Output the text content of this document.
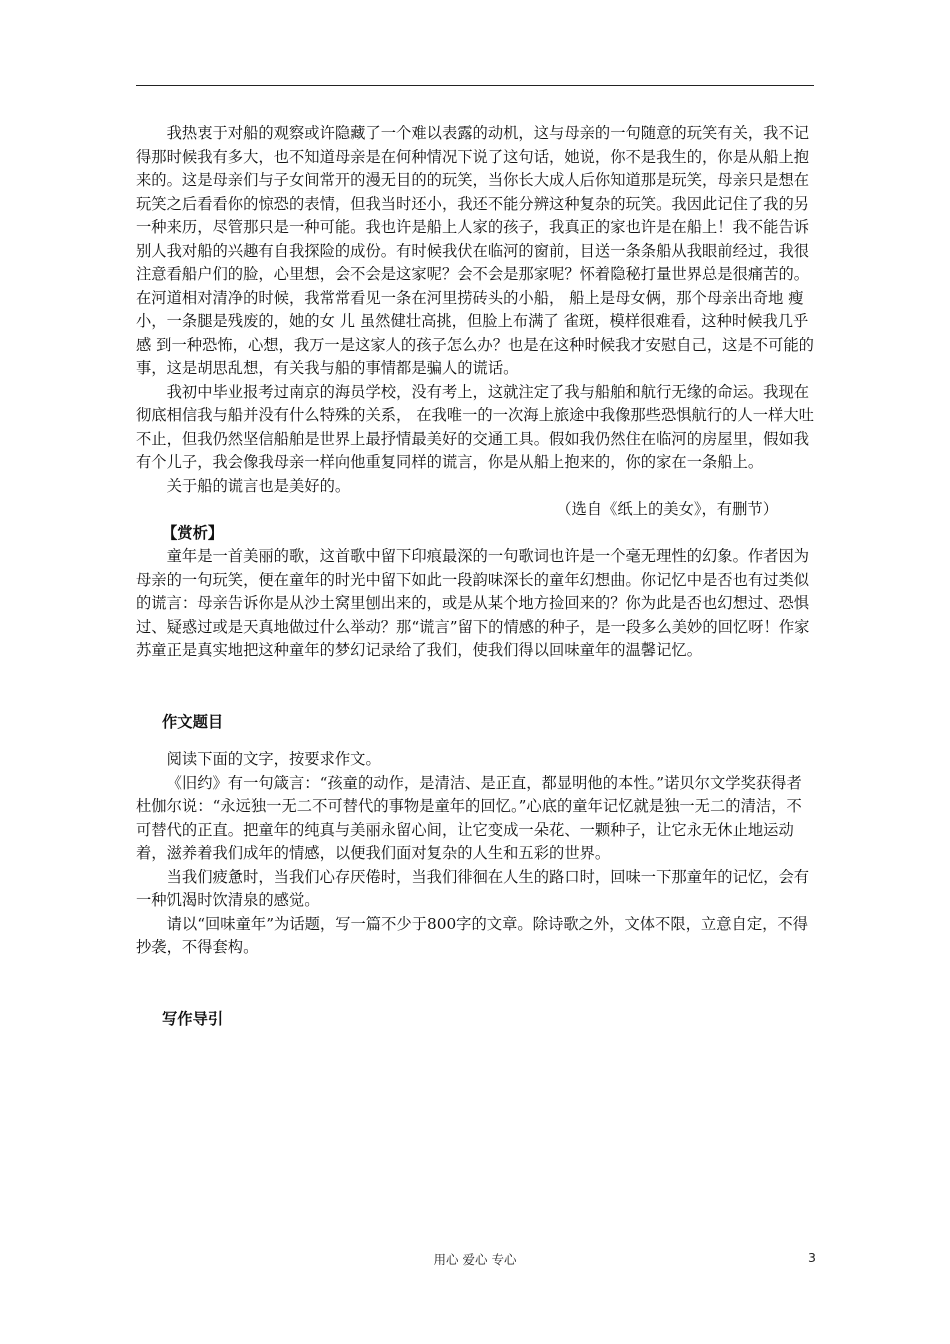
我热衷于对船的观察或许隐藏了一个难以表露的动机，这与母亲的一句随意的玩笑有关，我不记得那时候我有多大，也不知道母亲是在何种情况下说了这句话，她说，你不是我生的，你是从船上抱来的。这是母亲们与子女间常开的漫无目的的玩笑，当你长大成人后你知道那是玩笑，母亲只是想在玩笑之后看看你的惊恐的表情，但我当时还小，我还不能分辨这种复杂的玩笑。我因此记住了我的另一种来历，尽管那只是一种可能。我也许是船上人家的孩子，我真正的家也许是在船上！我不能告诉别人我对船的兴趣有自我探险的成份。有时候我伏在临河的窗前，目送一条条船从我眼前经过，我很注意看船户们的脸，心里想，会不会是这家呢？会不会是那家呢？怀着隐秘打量世界总是很痛苦的。在河道相对清净的时候，我常常看见一条在河里捞砖头的小船， 船上是母女俩，那个母亲出奇地 瘦小，一条腿是残废的，她的女 儿 虽然健壮高挑，但脸上布满了 雀斑，模样很难看，这种时候我几乎感 到一种恐怖，心想，我万一是这家人的孩子怎么办？也是在这种时候我才安慰自己，这是不可能的事，这是胡思乱想，有关我与船的事情都是骗人的谎话。

我初中毕业报考过南京的海员学校，没有考上，这就注定了我与船舶和航行无缘的命运。我现在彻底相信我与船并没有什么特殊的关系， 在我唯一的一次海上旅途中我像那些恐惧航行的人一样大吐不止，但我仍然坚信船舶是世界上最抒情最美好的交通工具。假如我仍然住在临河的房屋里，假如我有个儿子，我会像我母亲一样向他重复同样的谎言，你是从船上抱来的，你的家在一条船上。

关于船的谎言也是美好的。

（选自《纸上的美女》，有删节）

【赏析】

童年是一首美丽的歌，这首歌中留下印痕最深的一句歌词也许是一个毫无理性的幻象。作者因为母亲的一句玩笑，便在童年的时光中留下如此一段韵味深长的童年幻想曲。你记忆中是否也有过类似的谎言：母亲告诉你是从沙土窝里刨出来的，或是从某个地方捡回来的？你为此是否也幻想过、恐惧过、疑惑过或是天真地做过什么举动？那“谎言”留下的情感的种子，是一段多么美妙的回忆呀！作家苏童正是真实地把这种童年的梦幻记录给了我们，使我们得以回味童年的温馨记忆。

作文题目

阅读下面的文字，按要求作文。

《旧约》有一句箴言：“孩童的动作，是清洁、是正直，都显明他的本性。”诺贝尔文学奖获得者杜伽尔说：“永远独一无二不可替代的事物是童年的回忆。”心底的童年记忆就是独一无二的清洁，不可替代的正直。把童年的纯真与美丽永留心间，让它变成一朵花、一颗种子，让它永无休止地运动着，滋养着我们成年的情感，以便我们面对复杂的人生和五彩的世界。

当我们疲惫时，当我们心存厌倦时，当我们徘徊在人生的路口时，回味一下那童年的记忆，会有一种饥渴时饮清泉的感觉。

请以“回味童年”为话题，写一篇不少于800字的文章。除诗歌之外，文体不限，立意自定，不得抄袭，不得套构。

写作导引

用心 爱心 专心	3
